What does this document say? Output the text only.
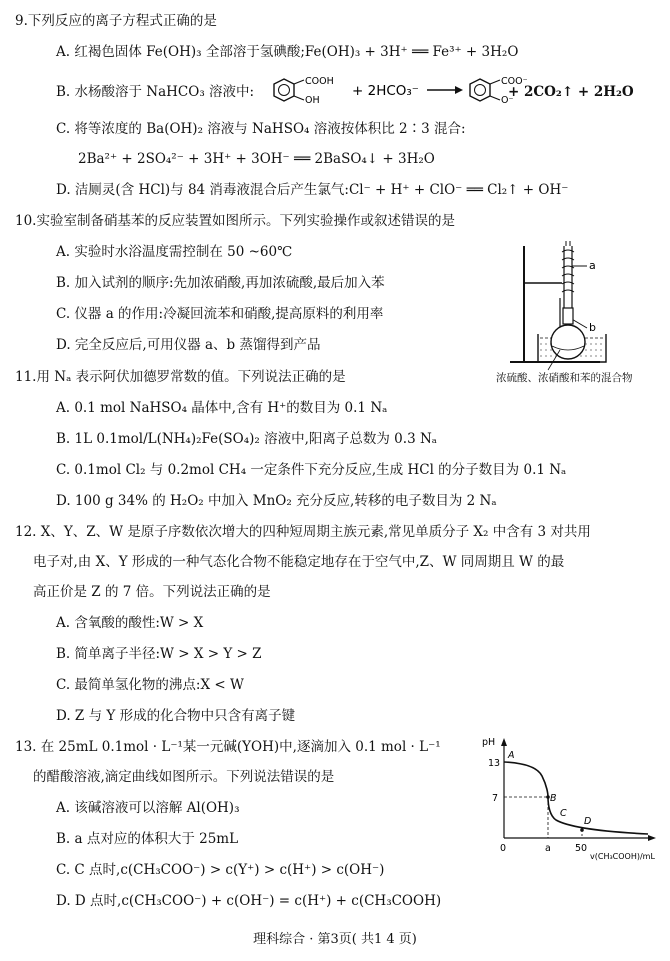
9.下列反应的离子方程式正确的是
A. 红褐色固体 Fe(OH)₃ 全部溶于氢碘酸;Fe(OH)₃ + 3H⁺ ══ Fe³⁺ + 3H₂O
B. 水杨酸溶于 NaHCO₃ 溶液中:
COOH
OH
+ 2HCO₃⁻
COO⁻
O⁻
+ 2CO₂↑ + 2H₂O
C. 将等浓度的 Ba(OH)₂ 溶液与 NaHSO₄ 溶液按体积比 2∶3 混合:
2Ba²⁺ + 2SO₄²⁻ + 3H⁺ + 3OH⁻ ══ 2BaSO₄↓ + 3H₂O
D. 洁厕灵(含 HCl)与 84 消毒液混合后产生氯气:Cl⁻ + H⁺ + ClO⁻ ══ Cl₂↑ + OH⁻
10.实验室制备硝基苯的反应装置如图所示。下列实验操作或叙述错误的是
A. 实验时水浴温度需控制在 50 ~60℃
B. 加入试剂的顺序:先加浓硝酸,再加浓硫酸,最后加入苯
C. 仪器 a 的作用:冷凝回流苯和硝酸,提高原料的利用率
D. 完全反应后,可用仪器 a、b 蒸馏得到产品
a
b
浓硫酸、浓硝酸和苯的混合物
11.用 Nₐ 表示阿伏加德罗常数的值。下列说法正确的是
A. 0.1 mol NaHSO₄ 晶体中,含有 H⁺的数目为 0.1 Nₐ
B. 1L 0.1mol/L(NH₄)₂Fe(SO₄)₂ 溶液中,阳离子总数为 0.3 Nₐ
C. 0.1mol Cl₂ 与 0.2mol CH₄ 一定条件下充分反应,生成 HCl 的分子数目为 0.1 Nₐ
D. 100 g 34% 的 H₂O₂ 中加入 MnO₂ 充分反应,转移的电子数目为 2 Nₐ
12. X、Y、Z、W 是原子序数依次增大的四种短周期主族元素,常见单质分子 X₂ 中含有 3 对共用
电子对,由 X、Y 形成的一种气态化合物不能稳定地存在于空气中,Z、W 同周期且 W 的最
高正价是 Z 的 7 倍。下列说法正确的是
A. 含氧酸的酸性:W > X
B. 简单离子半径:W > X > Y > Z
C. 最简单氢化物的沸点:X < W
D. Z 与 Y 形成的化合物中只含有离子键
13. 在 25mL 0.1mol · L⁻¹某一元碱(YOH)中,逐滴加入 0.1 mol · L⁻¹
的醋酸溶液,滴定曲线如图所示。下列说法错误的是
A. 该碱溶液可以溶解 Al(OH)₃
B. a 点对应的体积大于 25mL
C. C 点时,c(CH₃COO⁻) > c(Y⁺) > c(H⁺) > c(OH⁻)
D. D 点时,c(CH₃COO⁻) + c(OH⁻) = c(H⁺) + c(CH₃COOH)
pH
13
7
0	a	50
v(CH₃COOH)/mL
A
B
C
D
理科综合 · 第3页( 共1 4 页)
